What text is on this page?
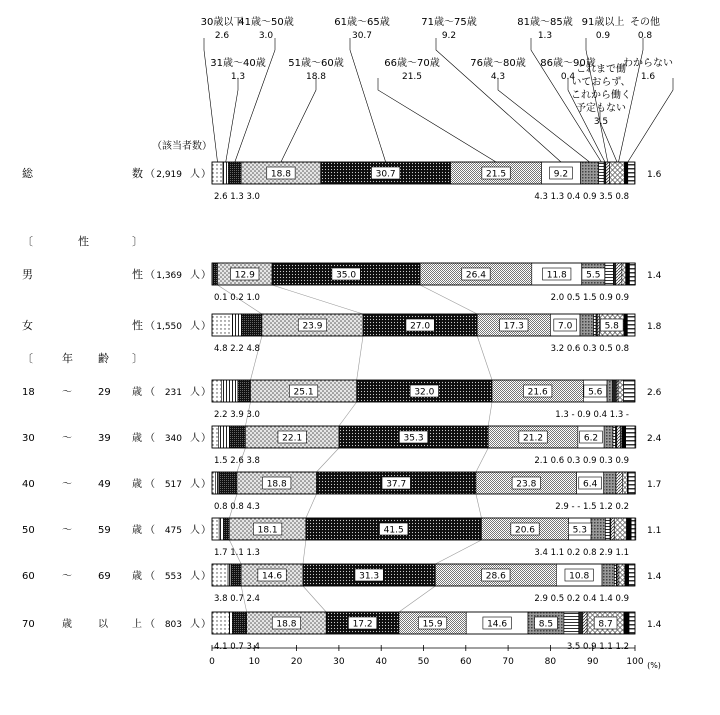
30歳以下
2.6
31歳～40歳
1.3
41歳～50歳
3.0
51歳～60歳
18.8
61歳～65歳
30.7
66歳～70歳
21.5
71歳～75歳
9.2
76歳～80歳
4.3
81歳～85歳
1.3
86歳～90歳
0.4
91歳以上
0.9
これまで働
いておらず、
これから働く
予定もない
3.5
わからない
1.6
その他
0.8
総	数 （ 2,919 人 ）
男	性 （ 1,369 人 ）
女	性 （ 1,550 人 ）
18	～	29 歳 （ 231 人 ）
30	～	39 歳 （ 340 人 ）
40	～	49 歳 （ 517 人 ）
50	～	59 歳 （ 475 人 ）
60	～	69 歳 （ 553 人 ）
70	歳	以 上 （ 803 人 ）
〔	性	〕
〔	年 齢 〕
（該当者数）
18.8	30.7	21.5	9.2
2.6 1.3 3.0	4.3 1.3 0.4 0.9 3.5 0.8
1.6
12.9	35.0	26.4	11.8 5.5
0.1 0.2 1.0	2.0 0.5 1.5 0.9 0.9
1.4
23.9	27.0	17.3	7.0	5.8
4.8 2.2 4.8	3.2 0.6 0.3 0.5 0.8
1.8
25.1	32.0	21.6	5.6
2.2 3.9 3.0	1.3 - 0.9 0.4 1.3 -
2.6
22.1	35.3	21.2	6.2
1.5 2.6 3.8	2.1 0.6 0.3 0.9 0.3 0.9
2.4
18.8	37.7	23.8	6.4
0.8 0.8 4.3	2.9 - - 1.5 1.2 0.2
1.7
18.1	41.5	20.6	5.3
1.7 1.1 1.3	3.4 1.1 0.2 0.8 2.9 1.1
1.1
14.6	31.3	28.6	10.8
3.8 0.7 2.4	2.9 0.5 0.2 0.4 1.4 0.9
1.4
18.8	17.2	15.9	14.6	8.5	8.7
4.1 0.7 3.4	3.5 0.9 1.1 1.2
1.4
0	10	20	30	40	50	60	70	80	90	100 (%)
